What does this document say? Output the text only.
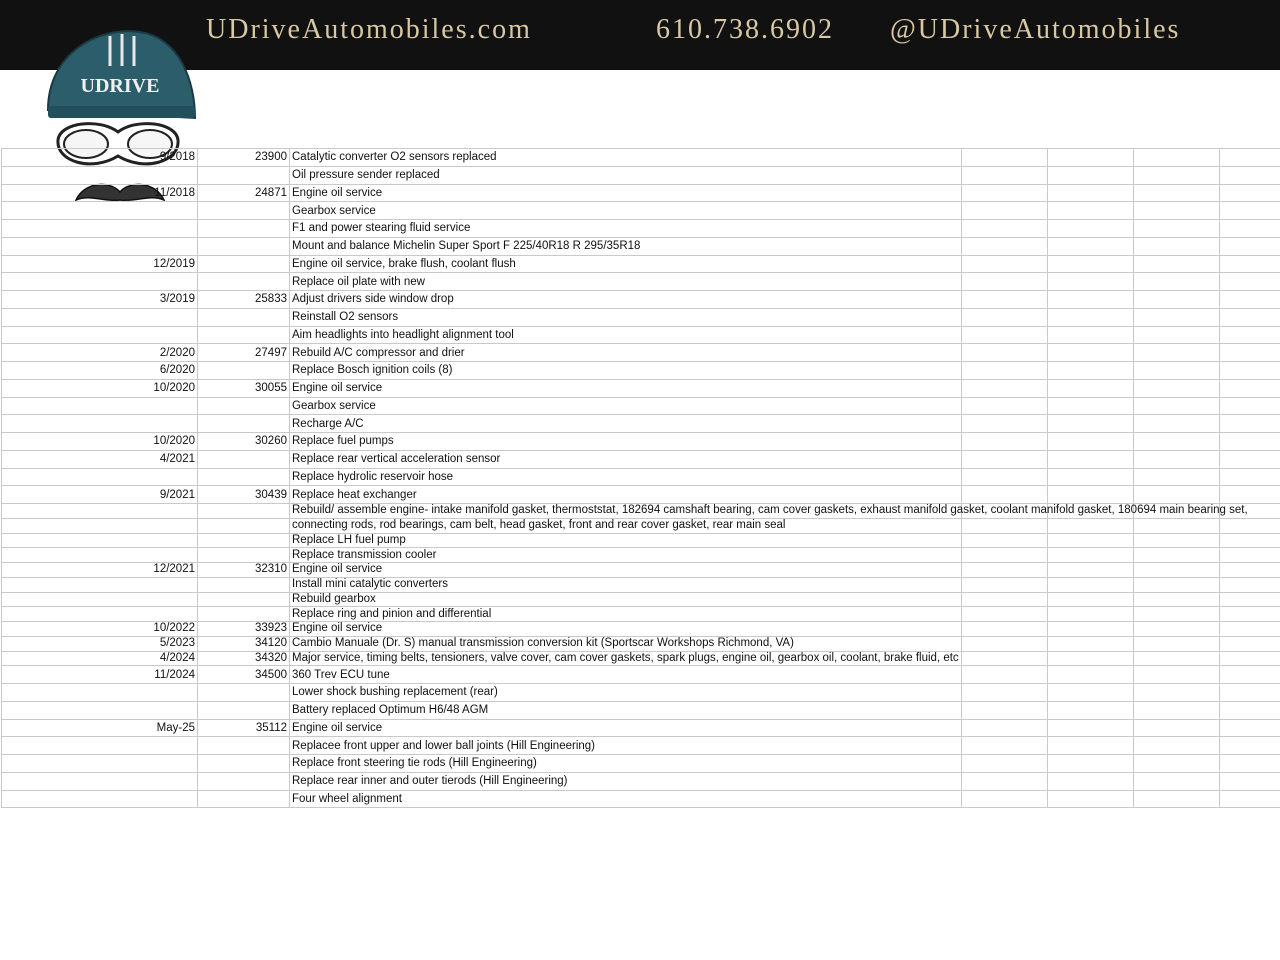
UDriveAutomobiles.com	610.738.6902 @UDriveAutomobiles
UDRIVE
9/2018	23900	Catalytic converter O2 sensors replaced				
		Oil pressure sender replaced				
11/2018	24871	Engine oil service				
		Gearbox service				
		F1 and power stearing fluid service				
		Mount and balance Michelin Super Sport F 225/40R18 R 295/35R18				
12/2019		Engine oil service, brake flush, coolant flush				
		Replace oil plate with new				
3/2019	25833	Adjust drivers side window drop				
		Reinstall O2 sensors				
		Aim headlights into headlight alignment tool				
2/2020	27497	Rebuild A/C compressor and drier				
6/2020		Replace Bosch ignition coils (8)				
10/2020	30055	Engine oil service				
		Gearbox service				
		Recharge A/C				
10/2020	30260	Replace fuel pumps				
4/2021		Replace rear vertical acceleration sensor				
		Replace hydrolic reservoir hose				
9/2021	30439	Replace heat exchanger				
		Rebuild/ assemble engine- intake manifold gasket, thermoststat, 182694 camshaft bearing, cam cover gaskets, exhaust manifold gasket, coolant manifold gasket, 180694 main bearing set,				
		connecting rods, rod bearings, cam belt, head gasket, front and rear cover gasket, rear main seal				
		Replace LH fuel pump				
		Replace transmission cooler				
12/2021	32310	Engine oil service				
		Install mini catalytic converters				
		Rebuild gearbox				
		Replace ring and pinion and differential				
10/2022	33923	Engine oil service				
5/2023	34120	Cambio Manuale (Dr. S) manual transmission conversion kit (Sportscar Workshops Richmond, VA)				
4/2024	34320	Major service, timing belts, tensioners, valve cover, cam cover gaskets, spark plugs, engine oil, gearbox oil, coolant, brake fluid, etc				
11/2024	34500	360 Trev ECU tune				
		Lower shock bushing replacement (rear)				
		Battery replaced Optimum H6/48 AGM				
May-25	35112	Engine oil service				
		Replacee front upper and lower ball joints (Hill Engineering)				
		Replace front steering tie rods (Hill Engineering)				
		Replace rear inner and outer tierods (Hill Engineering)				
		Four wheel alignment				
